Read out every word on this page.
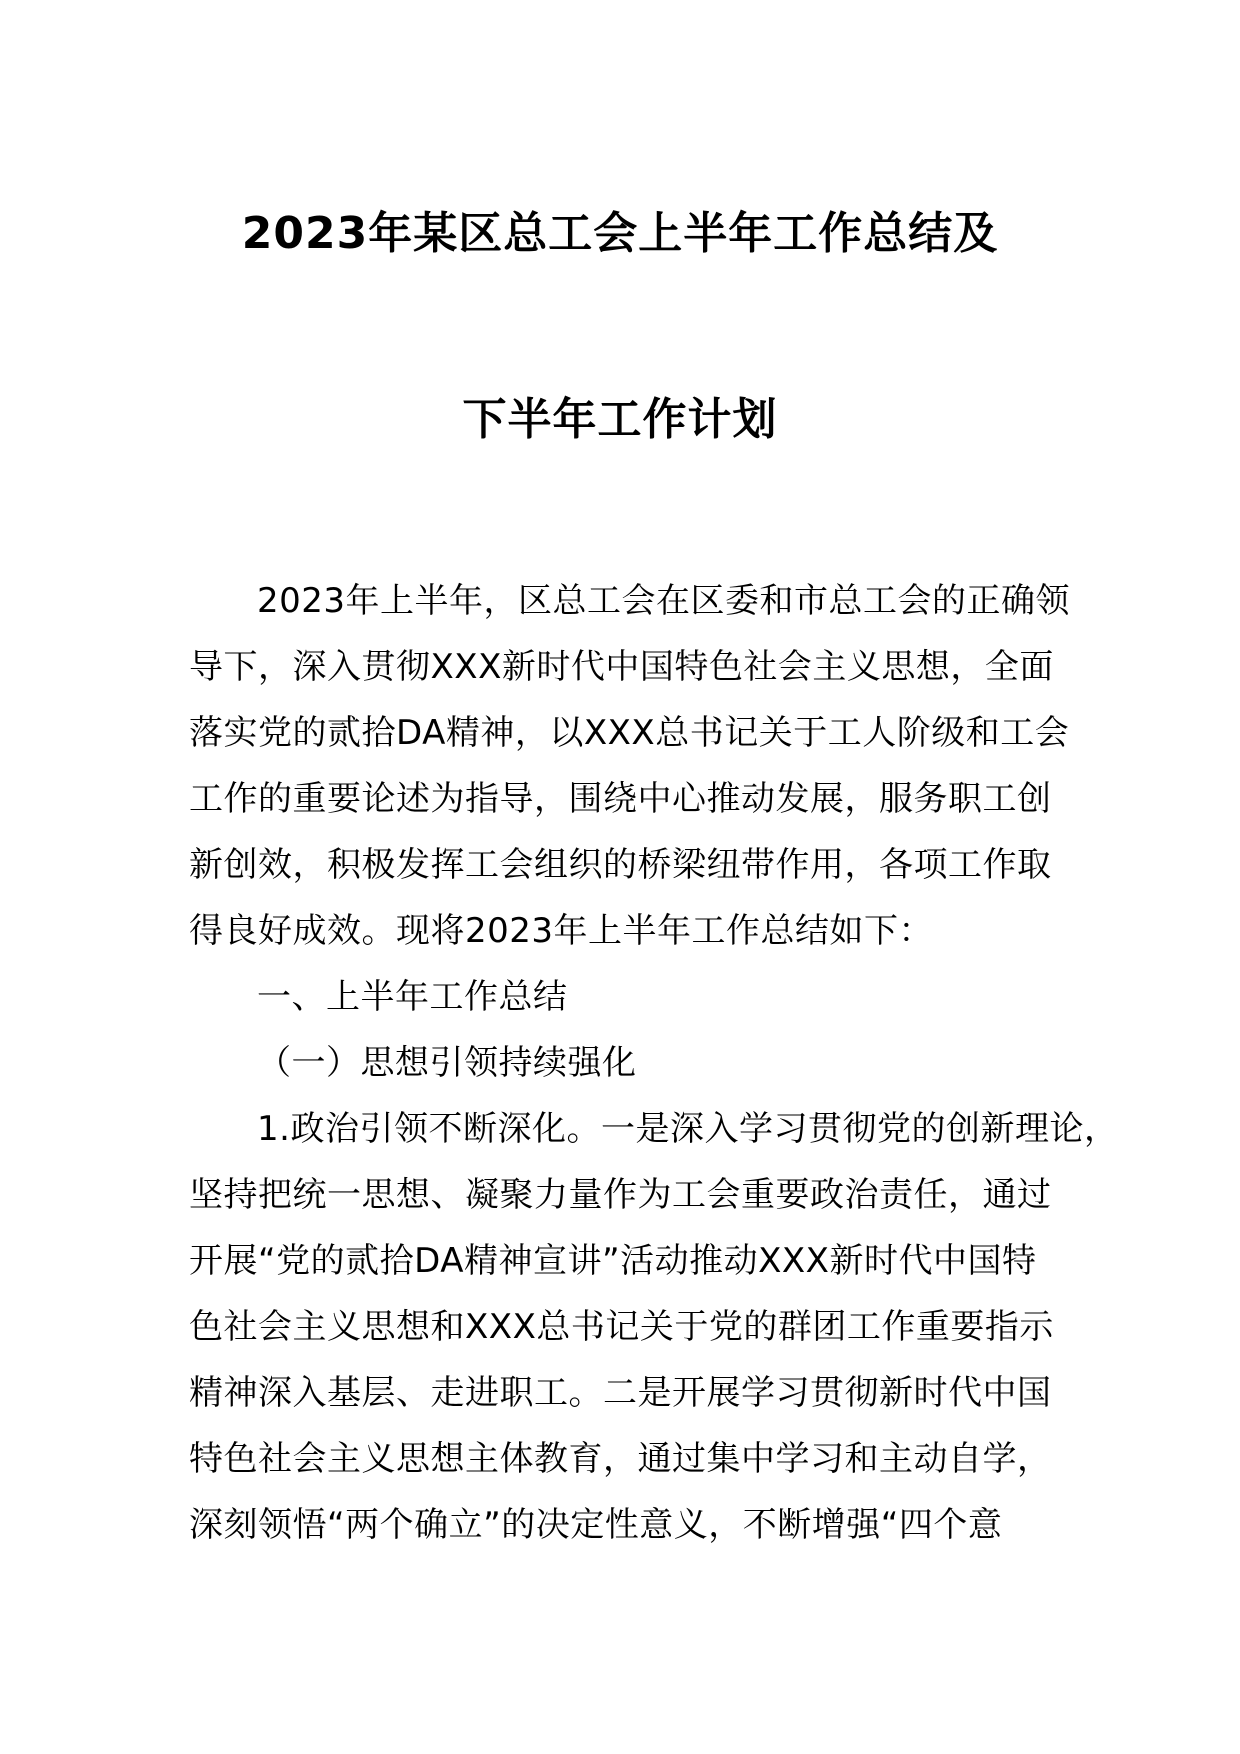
2023年某区总工会上半年工作总结及
下半年工作计划
2023年上半年，区总工会在区委和市总工会的正确领
导下，深入贯彻XXX新时代中国特色社会主义思想，全面
落实党的贰拾DA精神，以XXX总书记关于工人阶级和工会
工作的重要论述为指导，围绕中心推动发展，服务职工创
新创效，积极发挥工会组织的桥梁纽带作用，各项工作取
得良好成效。现将2023年上半年工作总结如下：
一、上半年工作总结
（一）思想引领持续强化
1.政治引领不断深化。一是深入学习贯彻党的创新理论，
坚持把统一思想、凝聚力量作为工会重要政治责任，通过
开展“党的贰拾DA精神宣讲”活动推动XXX新时代中国特
色社会主义思想和XXX总书记关于党的群团工作重要指示
精神深入基层、走进职工。二是开展学习贯彻新时代中国
特色社会主义思想主体教育，通过集中学习和主动自学，
深刻领悟“两个确立”的决定性意义，不断增强“四个意
